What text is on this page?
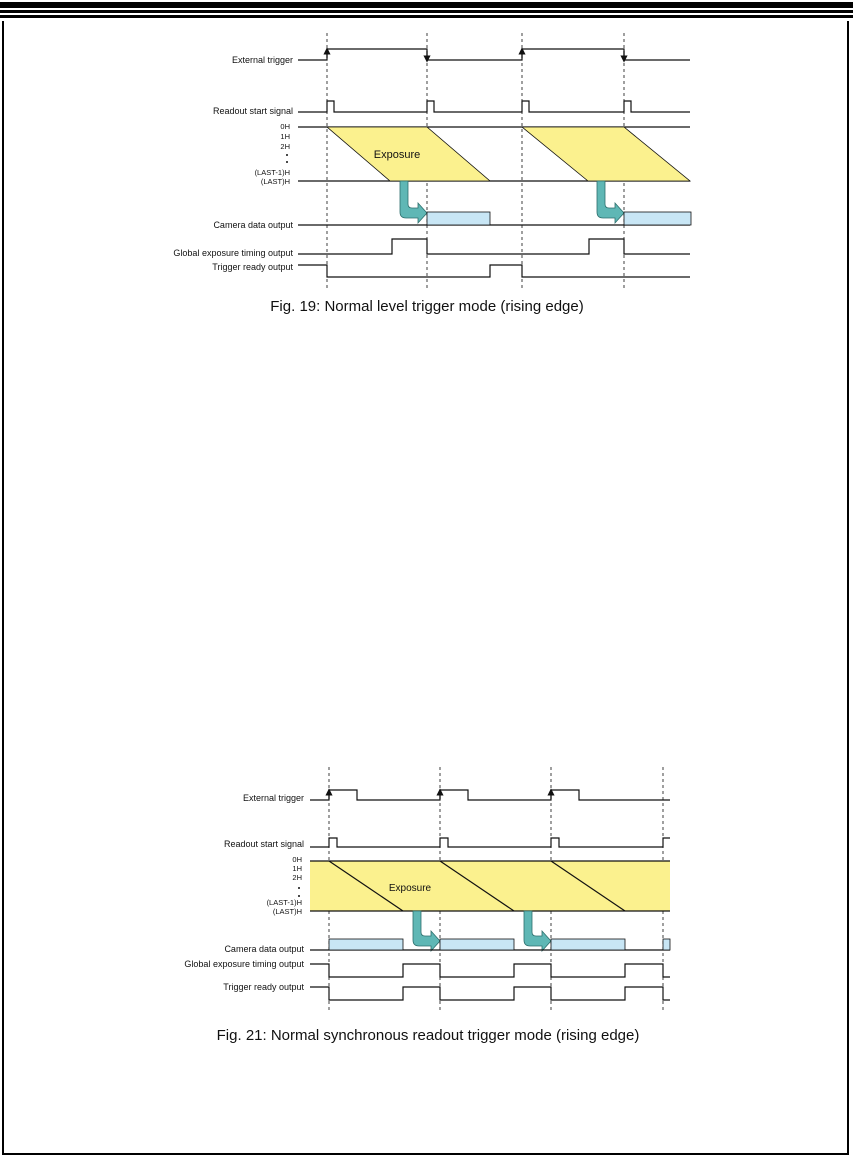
External trigger
Readout start signal
0H
1H
2H
(LAST-1)H
(LAST)H
Exposure
Camera data output
Global exposure timing output
Trigger ready output
Fig. 19: Normal level trigger mode (rising edge)
External trigger
Readout start signal
0H
1H
2H
(LAST-1)H
(LAST)H
Exposure
Camera data output
Global exposure timing output
Trigger ready output
Fig. 21: Normal synchronous readout trigger mode (rising edge)
